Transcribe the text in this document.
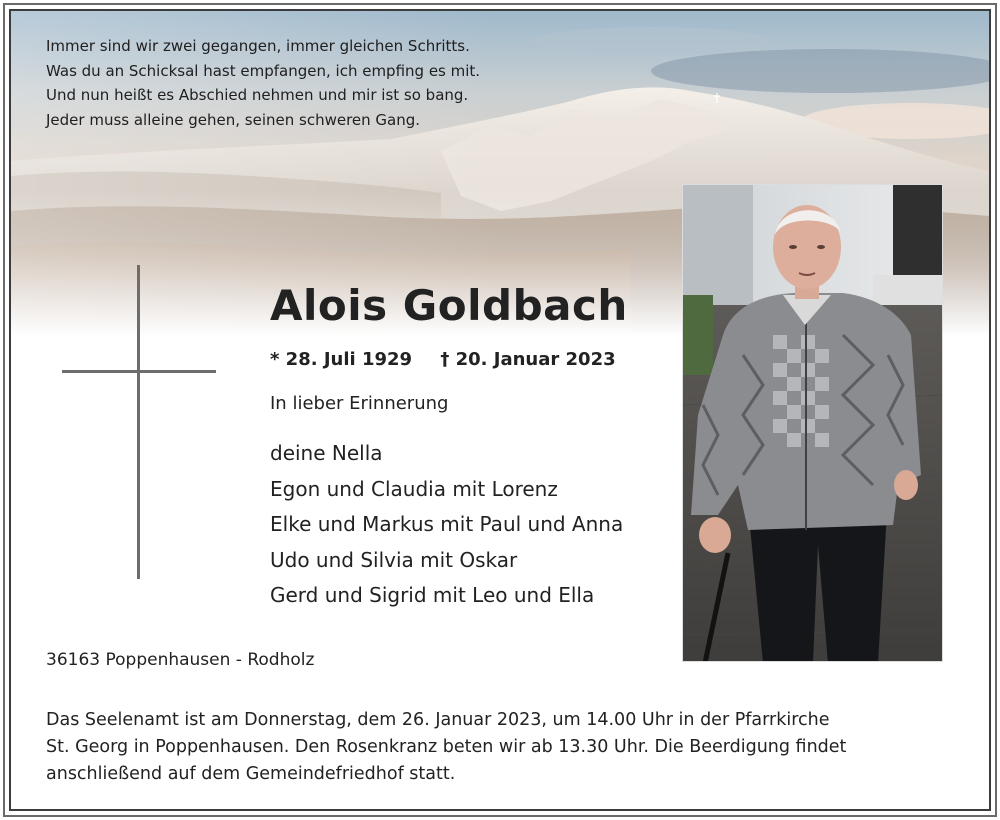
Immer sind wir zwei gegangen, immer gleichen Schritts.
Was du an Schicksal hast empfangen, ich empfing es mit.
Und nun heißt es Abschied nehmen und mir ist so bang.
Jeder muss alleine gehen, seinen schweren Gang.
Alois Goldbach
* 28. Juli 1929 † 20. Januar 2023
In lieber Erinnerung
deine Nella
Egon und Claudia mit Lorenz
Elke und Markus mit Paul und Anna
Udo und Silvia mit Oskar
Gerd und Sigrid mit Leo und Ella
36163 Poppenhausen - Rodholz
Das Seelenamt ist am Donnerstag, dem 26. Januar 2023, um 14.00 Uhr in der Pfarrkirche
St. Georg in Poppenhausen. Den Rosenkranz beten wir ab 13.30 Uhr. Die Beerdigung findet
anschließend auf dem Gemeindefriedhof statt.
